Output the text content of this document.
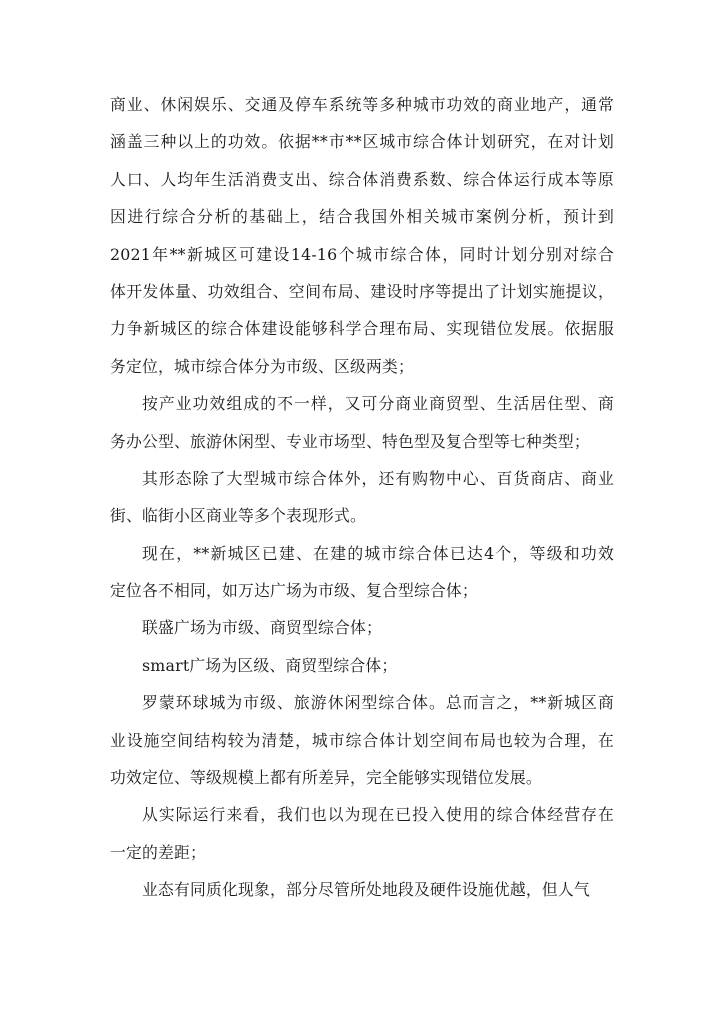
商业、休闲娱乐、交通及停车系统等多种城市功效的商业地产，通常
涵盖三种以上的功效。依据**市**区城市综合体计划研究，在对计划
人口、人均年生活消费支出、综合体消费系数、综合体运行成本等原
因进行综合分析的基础上，结合我国外相关城市案例分析，预计到
2021年**新城区可建设14-16个城市综合体，同时计划分别对综合
体开发体量、功效组合、空间布局、建设时序等提出了计划实施提议，
力争新城区的综合体建设能够科学合理布局、实现错位发展。依据服
务定位，城市综合体分为市级、区级两类；
按产业功效组成的不一样，又可分商业商贸型、生活居住型、商
务办公型、旅游休闲型、专业市场型、特色型及复合型等七种类型；
其形态除了大型城市综合体外，还有购物中心、百货商店、商业
街、临街小区商业等多个表现形式。
现在，**新城区已建、在建的城市综合体已达4个，等级和功效
定位各不相同，如万达广场为市级、复合型综合体；
联盛广场为市级、商贸型综合体；
smart广场为区级、商贸型综合体；
罗蒙环球城为市级、旅游休闲型综合体。总而言之，**新城区商
业设施空间结构较为清楚，城市综合体计划空间布局也较为合理，在
功效定位、等级规模上都有所差异，完全能够实现错位发展。
从实际运行来看，我们也以为现在已投入使用的综合体经营存在
一定的差距；
业态有同质化现象，部分尽管所处地段及硬件设施优越，但人气
